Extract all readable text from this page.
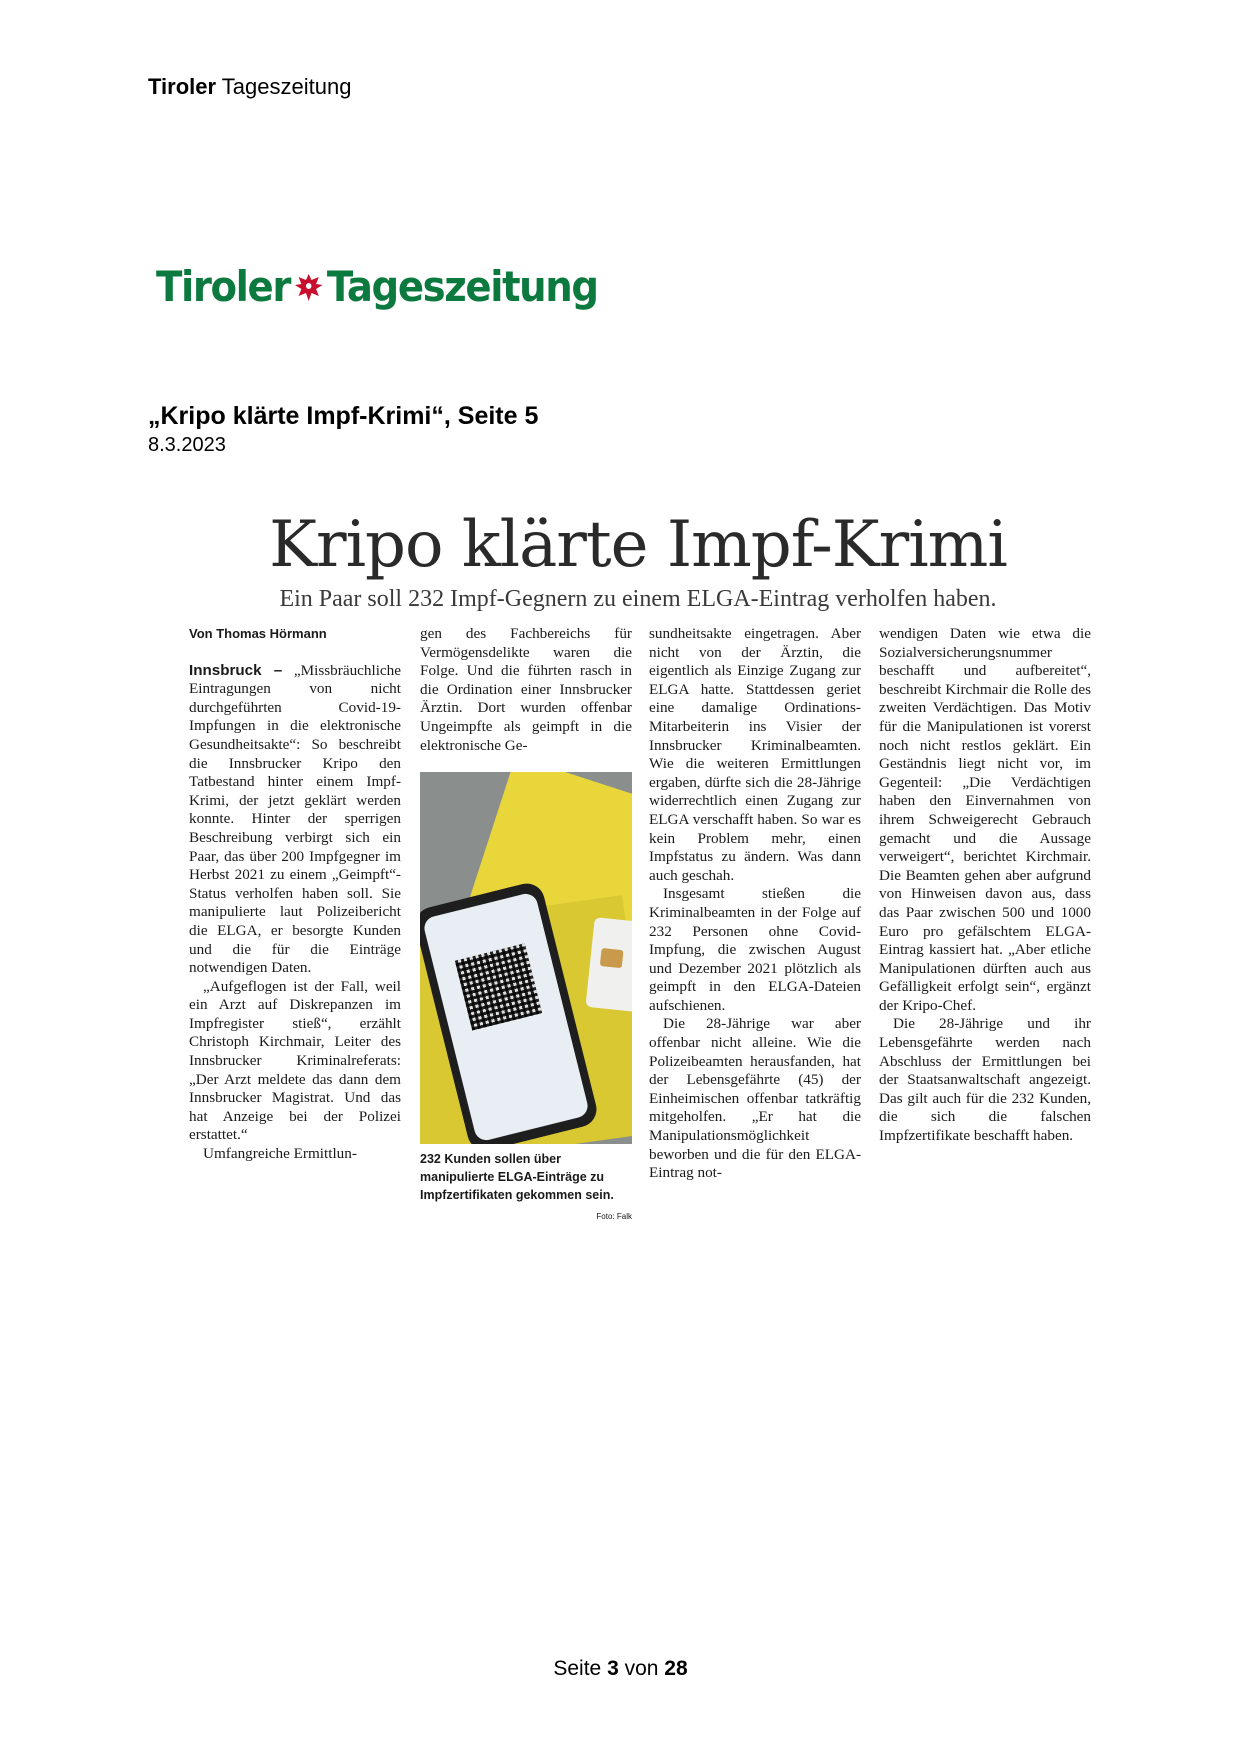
Tiroler Tageszeitung
Tiroler Tageszeitung
„Kripo klärte Impf-Krimi“, Seite 5
8.3.2023
Kripo klärte Impf-Krimi
Ein Paar soll 232 Impf-Gegnern zu einem ELGA-Eintrag verholfen haben.
Von Thomas Hörmann

Innsbruck – „Missbräuchliche Eintragungen von nicht durchgeführten Covid-19-Impfungen in die elektronische Gesundheitsakte“: So beschreibt die Innsbrucker Kripo den Tatbestand hinter einem Impf-Krimi, der jetzt geklärt werden konnte. Hinter der sperrigen Beschreibung verbirgt sich ein Paar, das über 200 Impfgegner im Herbst 2021 zu einem „Geimpft“-Status verholfen haben soll. Sie manipulierte laut Polizeibericht die ELGA, er besorgte Kunden und die für die Einträge notwendigen Daten.

„Aufgeflogen ist der Fall, weil ein Arzt auf Diskrepanzen im Impfregister stieß“, erzählt Christoph Kirchmair, Leiter des Innsbrucker Kriminalreferats: „Der Arzt meldete das dann dem Innsbrucker Magistrat. Und das hat Anzeige bei der Polizei erstattet.“

Umfangreiche Ermittlun-

gen des Fachbereichs für Vermögensdelikte waren die Folge. Und die führten rasch in die Ordination einer Innsbrucker Ärztin. Dort wurden offenbar Ungeimpfte als geimpft in die elektronische Ge-

232 Kunden sollen über manipulierte ELGA-Einträge zu Impfzertifikaten gekommen sein.
Foto: Falk

sundheitsakte eingetragen. Aber nicht von der Ärztin, die eigentlich als Einzige Zugang zur ELGA hatte. Stattdessen geriet eine damalige Ordinations-Mitarbeiterin ins Visier der Innsbrucker Kriminalbeamten. Wie die weiteren Ermittlungen ergaben, dürfte sich die 28-Jährige widerrechtlich einen Zugang zur ELGA verschafft haben. So war es kein Problem mehr, einen Impfstatus zu ändern. Was dann auch geschah.

Insgesamt stießen die Kriminalbeamten in der Folge auf 232 Personen ohne Covid-Impfung, die zwischen August und Dezember 2021 plötzlich als geimpft in den ELGA-Dateien aufschienen.

Die 28-Jährige war aber offenbar nicht alleine. Wie die Polizeibeamten herausfanden, hat der Lebensgefährte (45) der Einheimischen offenbar tatkräftig mitgeholfen. „Er hat die Manipulationsmöglichkeit beworben und die für den ELGA-Eintrag not-

wendigen Daten wie etwa die Sozialversicherungsnummer beschafft und aufbereitet“, beschreibt Kirchmair die Rolle des zweiten Verdächtigen. Das Motiv für die Manipulationen ist vorerst noch nicht restlos geklärt. Ein Geständnis liegt nicht vor, im Gegenteil: „Die Verdächtigen haben den Einvernahmen von ihrem Schweigerecht Gebrauch gemacht und die Aussage verweigert“, berichtet Kirchmair. Die Beamten gehen aber aufgrund von Hinweisen davon aus, dass das Paar zwischen 500 und 1000 Euro pro gefälschtem ELGA-Eintrag kassiert hat. „Aber etliche Manipulationen dürften auch aus Gefälligkeit erfolgt sein“, ergänzt der Kripo-Chef.

Die 28-Jährige und ihr Lebensgefährte werden nach Abschluss der Ermittlungen bei der Staatsanwaltschaft angezeigt. Das gilt auch für die 232 Kunden, die sich die falschen Impfzertifikate beschafft haben.

Seite 3 von 28
